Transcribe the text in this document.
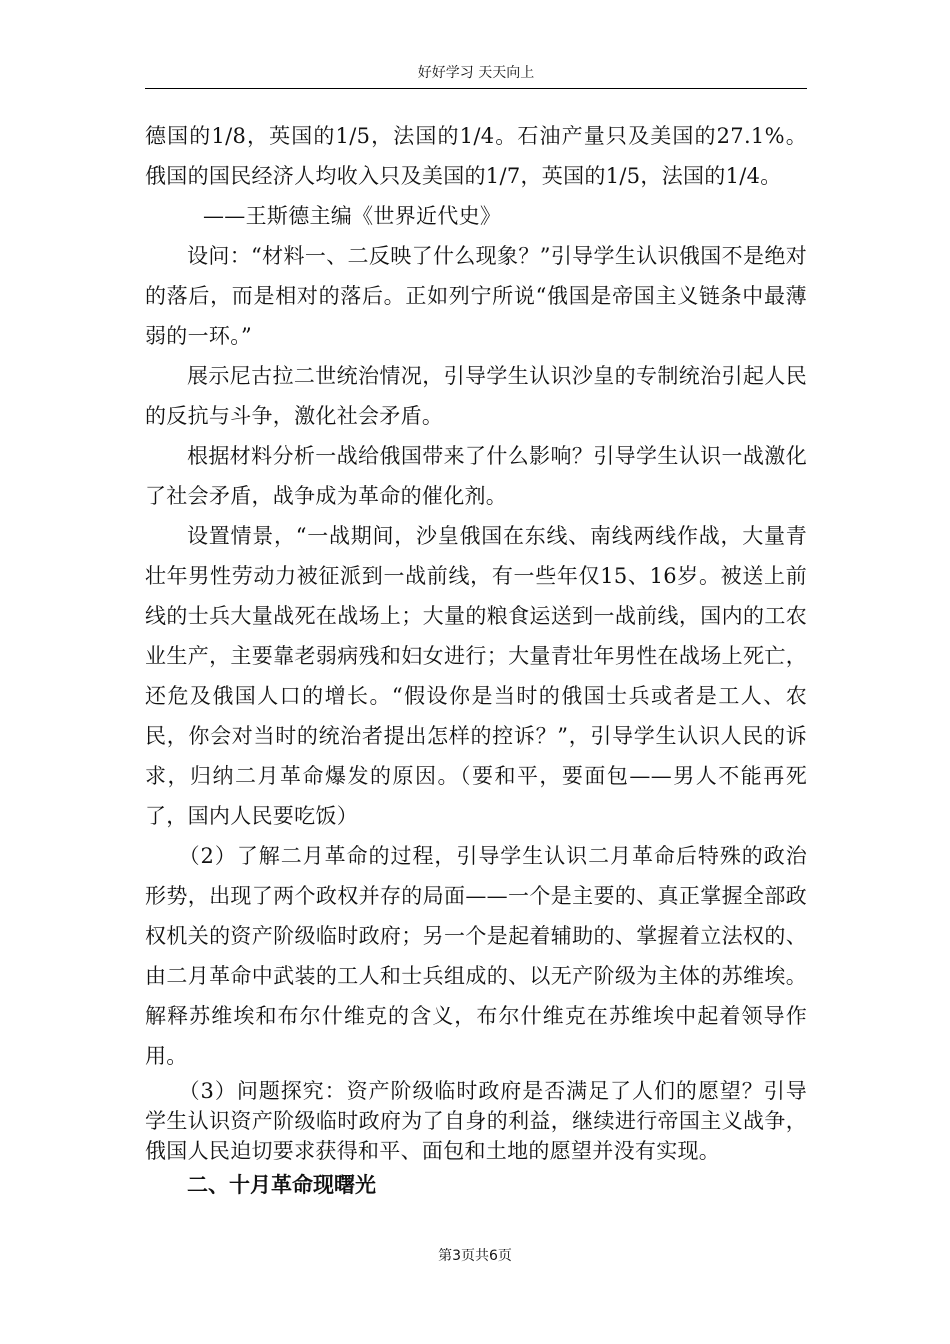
好好学习 天天向上

德国的1/8，英国的1/5，法国的1/4。石油产量只及美国的27.1%。俄国的国民经济人均收入只及美国的1/7，英国的1/5，法国的1/4。

——王斯德主编《世界近代史》

设问：“材料一、二反映了什么现象？”引导学生认识俄国不是绝对的落后，而是相对的落后。正如列宁所说“俄国是帝国主义链条中最薄弱的一环。”

展示尼古拉二世统治情况，引导学生认识沙皇的专制统治引起人民的反抗与斗争，激化社会矛盾。

根据材料分析一战给俄国带来了什么影响？引导学生认识一战激化了社会矛盾，战争成为革命的催化剂。

设置情景，“一战期间，沙皇俄国在东线、南线两线作战，大量青壮年男性劳动力被征派到一战前线，有一些年仅15、16岁。被送上前线的士兵大量战死在战场上；大量的粮食运送到一战前线，国内的工农业生产，主要靠老弱病残和妇女进行；大量青壮年男性在战场上死亡，还危及俄国人口的增长。“假设你是当时的俄国士兵或者是工人、农民，你会对当时的统治者提出怎样的控诉？”，引导学生认识人民的诉求，归纳二月革命爆发的原因。（要和平，要面包——男人不能再死了，国内人民要吃饭）

（2）了解二月革命的过程，引导学生认识二月革命后特殊的政治形势，出现了两个政权并存的局面——一个是主要的、真正掌握全部政权机关的资产阶级临时政府；另一个是起着辅助的、掌握着立法权的、由二月革命中武装的工人和士兵组成的、以无产阶级为主体的苏维埃。解释苏维埃和布尔什维克的含义，布尔什维克在苏维埃中起着领导作用。

（3）问题探究：资产阶级临时政府是否满足了人们的愿望？引导学生认识资产阶级临时政府为了自身的利益，继续进行帝国主义战争，俄国人民迫切要求获得和平、面包和土地的愿望并没有实现。

二、十月革命现曙光

第3页共6页
